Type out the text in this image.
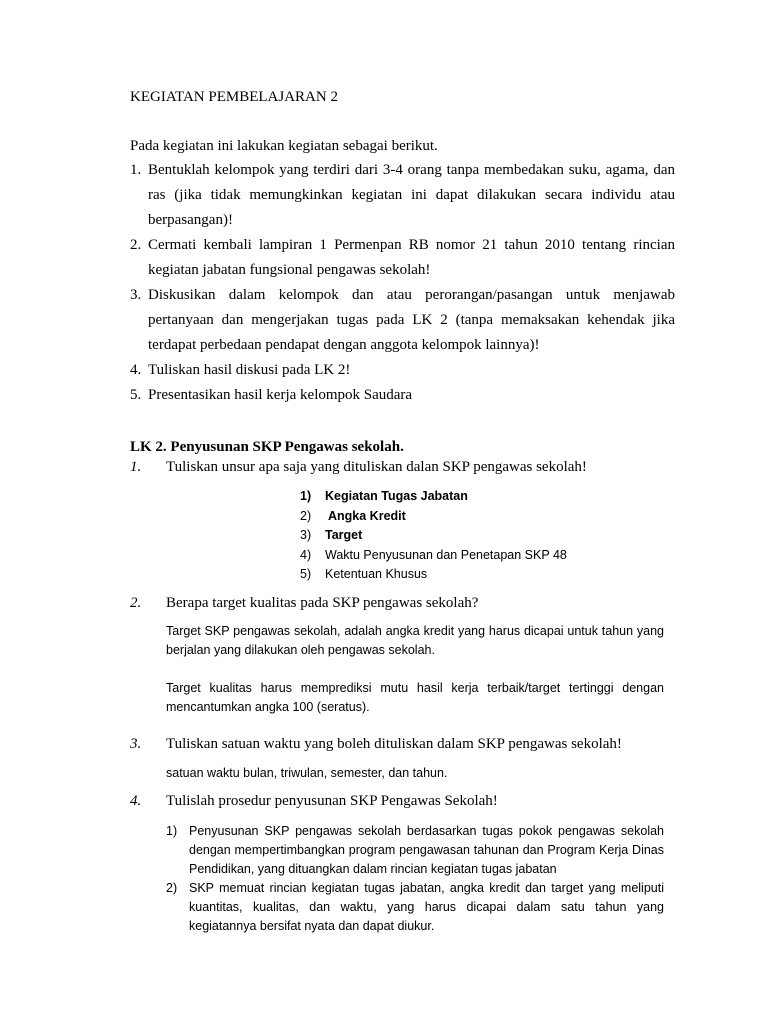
KEGIATAN PEMBELAJARAN 2
Pada kegiatan ini lakukan kegiatan sebagai berikut.
1. Bentuklah kelompok yang terdiri dari 3-4 orang tanpa membedakan suku, agama, dan ras (jika tidak memungkinkan kegiatan ini dapat dilakukan secara individu atau berpasangan)!
2. Cermati kembali lampiran 1 Permenpan RB nomor 21 tahun 2010 tentang rincian kegiatan jabatan fungsional pengawas sekolah!
3. Diskusikan dalam kelompok dan atau perorangan/pasangan untuk menjawab pertanyaan dan mengerjakan tugas pada LK 2 (tanpa memaksakan kehendak jika terdapat perbedaan pendapat dengan anggota kelompok lainnya)!
4. Tuliskan hasil diskusi pada LK 2!
5. Presentasikan hasil kerja kelompok Saudara
LK 2. Penyusunan SKP Pengawas sekolah.
1. Tuliskan unsur apa saja yang dituliskan dalan SKP pengawas sekolah!
1) Kegiatan Tugas Jabatan
2) Angka Kredit
3) Target
4) Waktu Penyusunan dan Penetapan SKP 48
5) Ketentuan Khusus
2. Berapa target kualitas pada SKP pengawas sekolah?
Target SKP pengawas sekolah, adalah angka kredit yang harus dicapai untuk tahun yang berjalan yang dilakukan oleh pengawas sekolah.
Target kualitas harus memprediksi mutu hasil kerja terbaik/target tertinggi dengan mencantumkan angka 100 (seratus).
3. Tuliskan satuan waktu yang boleh dituliskan dalam SKP pengawas sekolah!
satuan waktu bulan, triwulan, semester, dan tahun.
4. Tulislah prosedur penyusunan SKP Pengawas Sekolah!
1) Penyusunan SKP pengawas sekolah berdasarkan tugas pokok pengawas sekolah dengan mempertimbangkan program pengawasan tahunan dan Program Kerja Dinas Pendidikan, yang dituangkan dalam rincian kegiatan tugas jabatan
2) SKP memuat rincian kegiatan tugas jabatan, angka kredit dan target yang meliputi kuantitas, kualitas, dan waktu, yang harus dicapai dalam satu tahun yang kegiatannya bersifat nyata dan dapat diukur.
